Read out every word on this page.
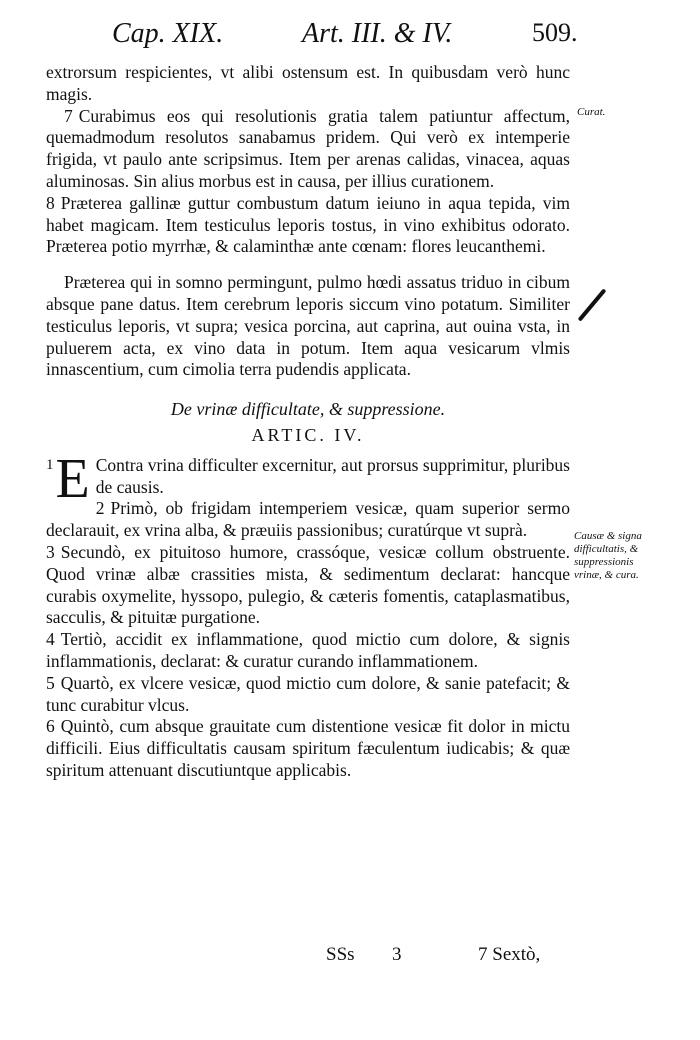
Cap. XIX.	Art. III. & IV.	509.

extrorsum respicientes, vt alibi ostensum est. In quibusdam verò hunc magis.

7 Curabimus eos qui resolutionis gratia talem patiuntur affectum, quemadmodum resolutos sanabamus pridem. Qui verò ex intemperie frigida, vt paulo ante scripsimus. Item per arenas calidas, vinacea, aquas aluminosas. Sin alius morbus est in causa, per illius curationem.

8 Præterea gallinæ guttur combustum datum ieiuno in aqua tepida, vim habet magicam. Item testiculus leporis tostus, in vino exhibitus odorato. Præterea potio myrrhæ, & calaminthæ ante cœnam: flores leucanthemi.

Præterea qui in somno permingunt, pulmo hœdi assatus triduo in cibum absque pane datus. Item cerebrum leporis siccum vino potatum. Similiter testiculus leporis, vt supra; vesica porcina, aut caprina, aut ouina vsta, in puluerem acta, ex vino data in potum. Item aqua vesicarum vlmis innascentium, cum cimolia terra pudendis applicata.

De vrinæ difficultate, & suppressione.
ARTIC. IV.

1 E Contra vrina difficulter excernitur, aut prorsus supprimitur, pluribus de causis.

2 Primò, ob frigidam intemperiem vesicæ, quam superior sermo declarauit, ex vrina alba, & præuiis passionibus; curatúrque vt suprà.

3 Secundò, ex pituitoso humore, crassóque, vesicæ collum obstruente. Quod vrinæ albæ crassities mista, & sedimentum declarat: hancque curabis oxymelite, hyssopo, pulegio, & cæteris fomentis, cataplasmatibus, sacculis, & pituitæ purgatione.

4 Tertiò, accidit ex inflammatione, quod mictio cum dolore, & signis inflammationis, declarat: & curatur curando inflammationem.

5 Quartò, ex vlcere vesicæ, quod mictio cum dolore, & sanie patefacit; & tunc curabitur vlcus.

6 Quintò, cum absque grauitate cum distentione vesicæ fit dolor in mictu difficili. Eius difficultatis causam spiritum fæculentum iudicabis; & quæ spiritum attenuant discutiuntque applicabis.

Curat.
Causæ & signa difficultatis, & suppressionis vrinæ, & cura.
SSs 3	7 Sextò,
